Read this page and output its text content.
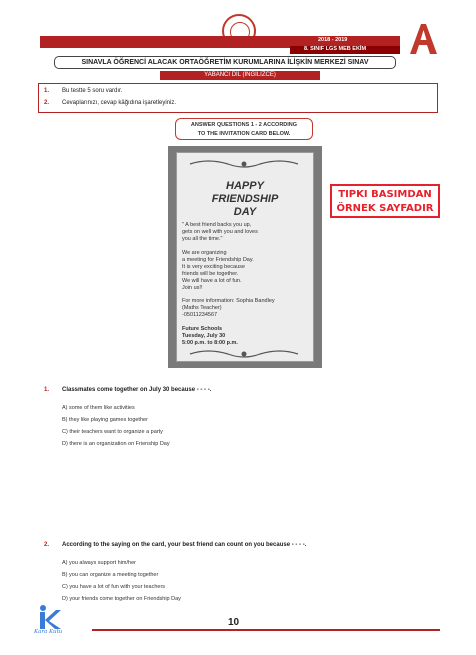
2018 - 2019
8. SINIF LGS MEB EKİM
SINAVLA ÖĞRENCİ ALACAK ORTAÖĞRETİM KURUMLARINA İLİŞKİN MERKEZİ SINAV
YABANCI DİL (İNGİLİZCE)
1. Bu testte 5 soru vardır.
2. Cevaplarınızı, cevap kâğıdına işaretleyiniz.
ANSWER QUESTIONS 1 - 2 ACCORDING
TO THE INVITATION CARD BELOW.
HAPPY
FRIENDSHIP
DAY
" A best friend backs you up,
gets on well with you and loves
you all the time."
We are organizing
a meeting for Friendship Day.
It is very exciting because
friends will be together.
We will have a lot of fun.
Join us!!
For more information: Sophia Bandley
(Maths Teacher)
-05011234567
Future Schools
Tuesday, July 30
5:00 p.m. to 8:00 p.m.
TIPKI BASIMDAN
ÖRNEK SAYFADIR
1. Classmates come together on July 30 because - - - -.
A) some of them like activities
B) they like playing games together
C) their teachers want to organize a party
D) there is an organization on Frienship Day
2. According to the saying on the card, your best friend can count on you because - - - -.
A) you always support him/her
B) you can organize a meeting together
C) you have a lot of fun with your teachers
D) your friends come together on Friendship Day
Kara Kutu
10
